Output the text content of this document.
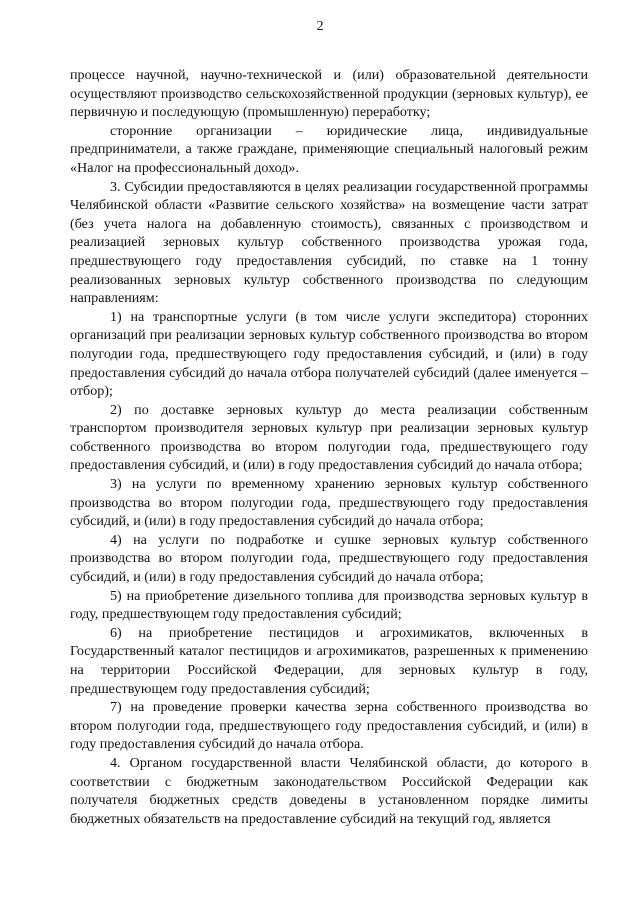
2

процессе научной, научно-технической и (или) образовательной деятельности осуществляют производство сельскохозяйственной продукции (зерновых культур), ее первичную и последующую (промышленную) переработку;

сторонние организации – юридические лица, индивидуальные предприниматели, а также граждане, применяющие специальный налоговый режим «Налог на профессиональный доход».

3. Субсидии предоставляются в целях реализации государственной программы Челябинской области «Развитие сельского хозяйства» на возмещение части затрат (без учета налога на добавленную стоимость), связанных с производством и реализацией зерновых культур собственного производства урожая года, предшествующего году предоставления субсидий, по ставке на 1 тонну реализованных зерновых культур собственного производства по следующим направлениям:

1) на транспортные услуги (в том числе услуги экспедитора) сторонних организаций при реализации зерновых культур собственного производства во втором полугодии года, предшествующего году предоставления субсидий, и (или) в году предоставления субсидий до начала отбора получателей субсидий (далее именуется – отбор);

2) по доставке зерновых культур до места реализации собственным транспортом производителя зерновых культур при реализации зерновых культур собственного производства во втором полугодии года, предшествующего году предоставления субсидий, и (или) в году предоставления субсидий до начала отбора;

3) на услуги по временному хранению зерновых культур собственного производства во втором полугодии года, предшествующего году предоставления субсидий, и (или) в году предоставления субсидий до начала отбора;

4) на услуги по подработке и сушке зерновых культур собственного производства во втором полугодии года, предшествующего году предоставления субсидий, и (или) в году предоставления субсидий до начала отбора;

5) на приобретение дизельного топлива для производства зерновых культур в году, предшествующем году предоставления субсидий;

6) на приобретение пестицидов и агрохимикатов, включенных в Государственный каталог пестицидов и агрохимикатов, разрешенных к применению на территории Российской Федерации, для зерновых культур в году, предшествующем году предоставления субсидий;

7) на проведение проверки качества зерна собственного производства во втором полугодии года, предшествующего году предоставления субсидий, и (или) в году предоставления субсидий до начала отбора.

4. Органом государственной власти Челябинской области, до которого в соответствии с бюджетным законодательством Российской Федерации как получателя бюджетных средств доведены в установленном порядке лимиты бюджетных обязательств на предоставление субсидий на текущий год, является
